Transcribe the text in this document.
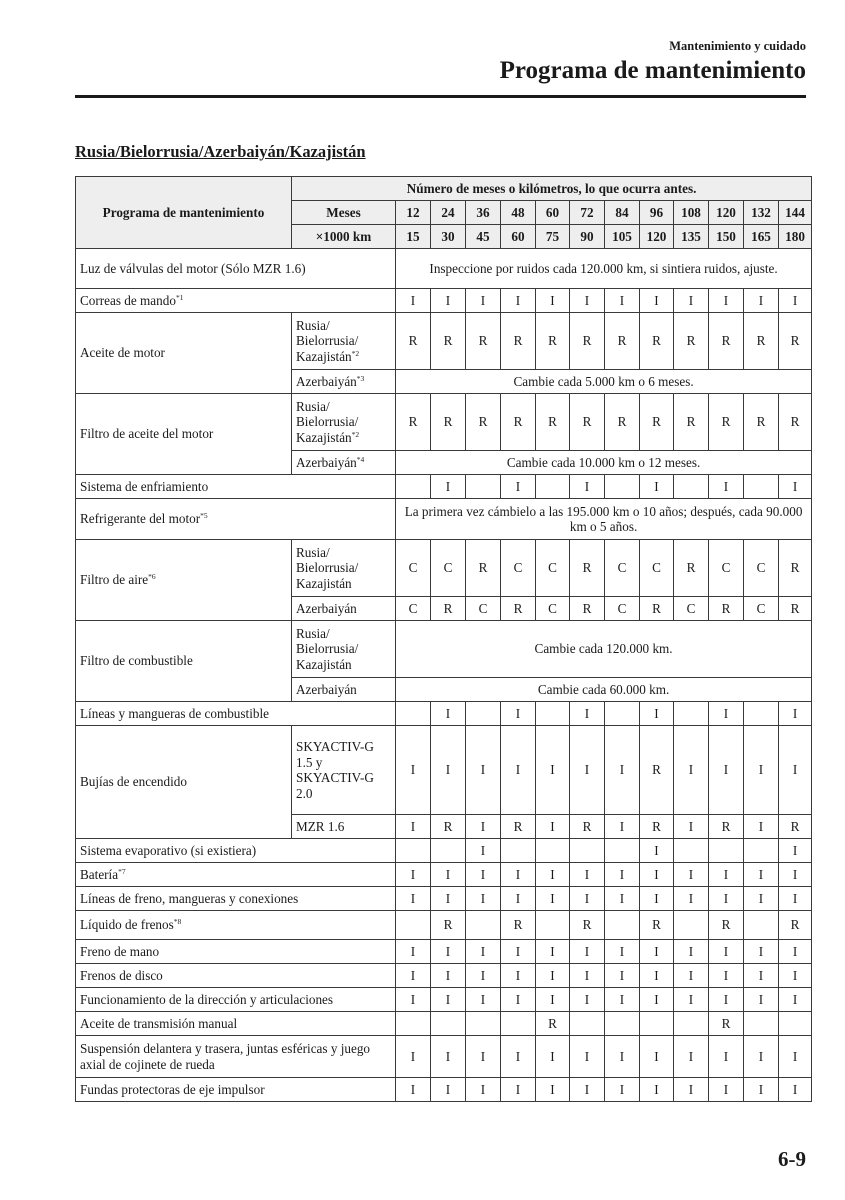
Mantenimiento y cuidado
Programa de mantenimiento
Rusia/Bielorrusia/Azerbaiyán/Kazajistán
Programa de mantenimiento	Número de meses o kilómetros, lo que ocurra antes.												
	Meses	12	24	36	48	60	72	84	96	108	120	132	144
	×1000 km	15	30	45	60	75	90	105	120	135	150	165	180
Luz de válvulas del motor (Sólo MZR 1.6)		Inspeccione por ruidos cada 120.000 km, si sintiera ruidos, ajuste.											
Correas de mando$^{*1}$		I	I	I	I	I	I	I	I	I	I	I	I
Aceite de motor	Rusia/ Bielorrusia/ Kazajistán$^{*2}$	R	R	R	R	R	R	R	R	R	R	R	R
	Azerbaiyán$^{*3}$	Cambie cada 5.000 km o 6 meses.											
Filtro de aceite del motor	Rusia/ Bielorrusia/ Kazajistán$^{*2}$	R	R	R	R	R	R	R	R	R	R	R	R
	Azerbaiyán$^{*4}$	Cambie cada 10.000 km o 12 meses.											
Sistema de enfriamiento			I		I		I		I		I		I
Refrigerante del motor$^{*5}$		La primera vez cámbielo a las 195.000 km o 10 años; después, cada 90.000 km o 5 años.											
Filtro de aire$^{*6}$	Rusia/ Bielorrusia/ Kazajistán	C	C	R	C	C	R	C	C	R	C	C	R
	Azerbaiyán	C	R	C	R	C	R	C	R	C	R	C	R
Filtro de combustible	Rusia/ Bielorrusia/ Kazajistán	Cambie cada 120.000 km.											
	Azerbaiyán	Cambie cada 60.000 km.											
Líneas y mangueras de combustible			I		I		I		I		I		I
Bujías de encendido	SKYACTIV-G 1.5 y SKYACTIV-G 2.0	I	I	I	I	I	I	I	R	I	I	I	I
	MZR 1.6	I	R	I	R	I	R	I	R	I	R	I	R
Sistema evaporativo (si existiera)				I					I				I
Batería$^{*7}$		I	I	I	I	I	I	I	I	I	I	I	I
Líneas de freno, mangueras y conexiones		I	I	I	I	I	I	I	I	I	I	I	I
Líquido de frenos$^{*8}$			R		R		R		R		R		R
Freno de mano		I	I	I	I	I	I	I	I	I	I	I	I
Frenos de disco		I	I	I	I	I	I	I	I	I	I	I	I
Funcionamiento de la dirección y articulaciones		I	I	I	I	I	I	I	I	I	I	I	I
Aceite de transmisión manual						R					R		
Suspensión delantera y trasera, juntas esféricas y juego axial de cojinete de rueda		I	I	I	I	I	I	I	I	I	I	I	I
Fundas protectoras de eje impulsor		I	I	I	I	I	I	I	I	I	I	I	I
6-9
